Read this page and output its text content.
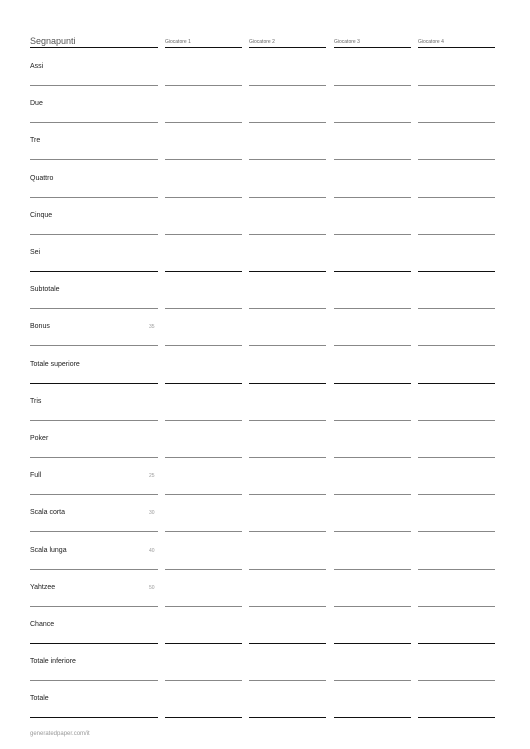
Segnapunti	Giocatore 1	Giocatore 2	Giocatore 3	Giocatore 4
Assi
Due
Tre
Quattro
Cinque
Sei
Subtotale
Bonus	35
Totale superiore
Tris
Poker
Full	25
Scala corta	30
Scala lunga	40
Yahtzee	50
Chance
Totale inferiore
Totale
generatedpaper.com/it
